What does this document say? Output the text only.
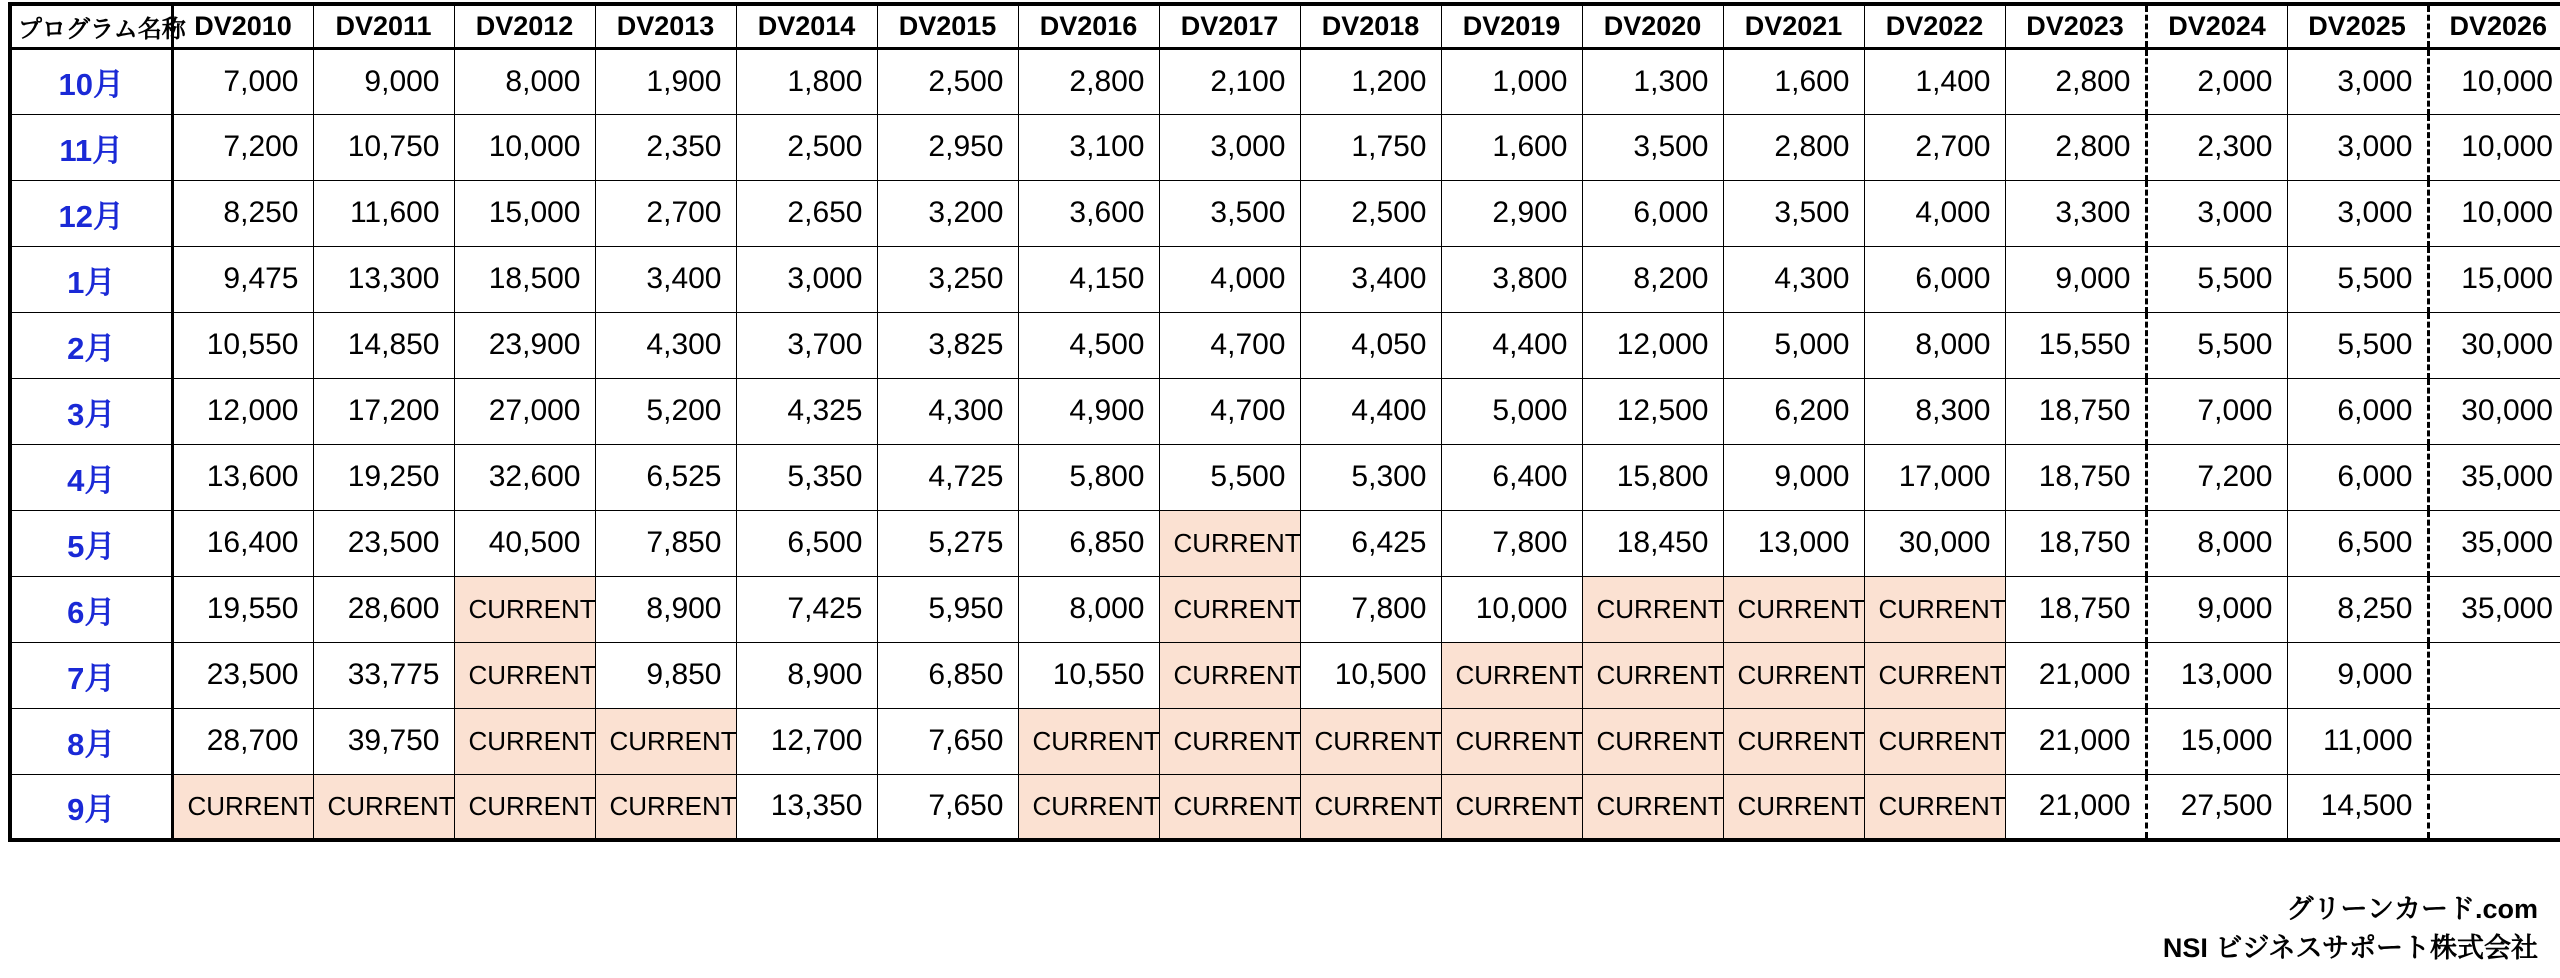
プログラム名称	DV2010	DV2011	DV2012	DV2013	DV2014	DV2015	DV2016	DV2017	DV2018	DV2019	DV2020	DV2021	DV2022	DV2023	DV2024	DV2025	DV2026
10月	7,000	9,000	8,000	1,900	1,800	2,500	2,800	2,100	1,200	1,000	1,300	1,600	1,400	2,800	2,000	3,000	10,000
11月	7,200	10,750	10,000	2,350	2,500	2,950	3,100	3,000	1,750	1,600	3,500	2,800	2,700	2,800	2,300	3,000	10,000
12月	8,250	11,600	15,000	2,700	2,650	3,200	3,600	3,500	2,500	2,900	6,000	3,500	4,000	3,300	3,000	3,000	10,000
1月	9,475	13,300	18,500	3,400	3,000	3,250	4,150	4,000	3,400	3,800	8,200	4,300	6,000	9,000	5,500	5,500	15,000
2月	10,550	14,850	23,900	4,300	3,700	3,825	4,500	4,700	4,050	4,400	12,000	5,000	8,000	15,550	5,500	5,500	30,000
3月	12,000	17,200	27,000	5,200	4,325	4,300	4,900	4,700	4,400	5,000	12,500	6,200	8,300	18,750	7,000	6,000	30,000
4月	13,600	19,250	32,600	6,525	5,350	4,725	5,800	5,500	5,300	6,400	15,800	9,000	17,000	18,750	7,200	6,000	35,000
5月	16,400	23,500	40,500	7,850	6,500	5,275	6,850	CURRENT	6,425	7,800	18,450	13,000	30,000	18,750	8,000	6,500	35,000
6月	19,550	28,600	CURRENT	8,900	7,425	5,950	8,000	CURRENT	7,800	10,000	CURRENT	CURRENT	CURRENT	18,750	9,000	8,250	35,000
7月	23,500	33,775	CURRENT	9,850	8,900	6,850	10,550	CURRENT	10,500	CURRENT	CURRENT	CURRENT	CURRENT	21,000	13,000	9,000	
8月	28,700	39,750	CURRENT	CURRENT	12,700	7,650	CURRENT	CURRENT	CURRENT	CURRENT	CURRENT	CURRENT	CURRENT	21,000	15,000	11,000	
9月	CURRENT	CURRENT	CURRENT	CURRENT	13,350	7,650	CURRENT	CURRENT	CURRENT	CURRENT	CURRENT	CURRENT	CURRENT	21,000	27,500	14,500	
グリーンカード.com
NSI ビジネスサポート株式会社
